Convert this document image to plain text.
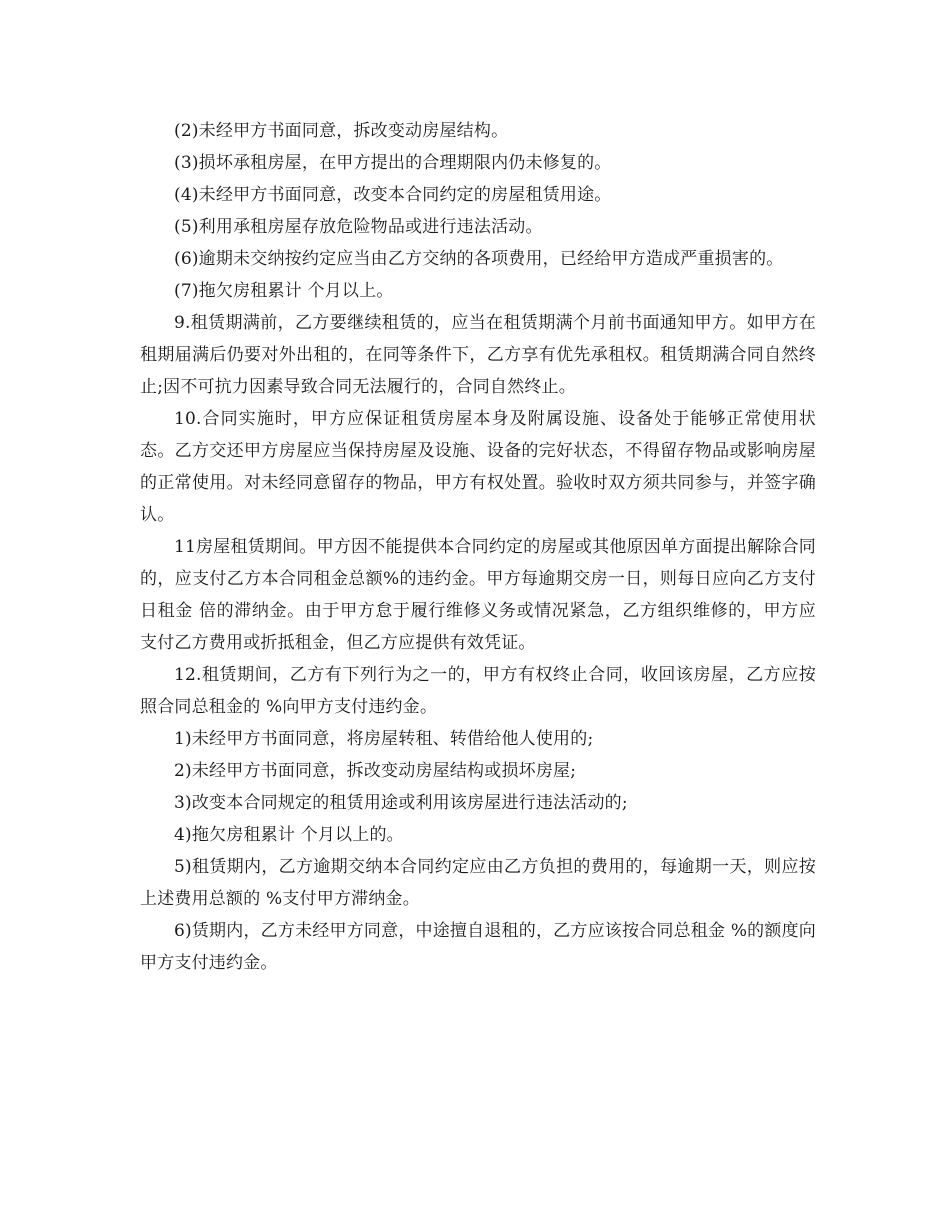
(2)未经甲方书面同意，拆改变动房屋结构。

(3)损坏承租房屋，在甲方提出的合理期限内仍未修复的。

(4)未经甲方书面同意，改变本合同约定的房屋租赁用途。

(5)利用承租房屋存放危险物品或进行违法活动。

(6)逾期未交纳按约定应当由乙方交纳的各项费用，已经给甲方造成严重损害的。

(7)拖欠房租累计 个月以上。

9.租赁期满前，乙方要继续租赁的，应当在租赁期满个月前书面通知甲方。如甲方在租期届满后仍要对外出租的，在同等条件下，乙方享有优先承租权。租赁期满合同自然终止;因不可抗力因素导致合同无法履行的，合同自然终止。

10.合同实施时，甲方应保证租赁房屋本身及附属设施、设备处于能够正常使用状态。乙方交还甲方房屋应当保持房屋及设施、设备的完好状态，不得留存物品或影响房屋的正常使用。对未经同意留存的物品，甲方有权处置。验收时双方须共同参与，并签字确认。

11房屋租赁期间。甲方因不能提供本合同约定的房屋或其他原因单方面提出解除合同的，应支付乙方本合同租金总额%的违约金。甲方每逾期交房一日，则每日应向乙方支付日租金 倍的滞纳金。由于甲方怠于履行维修义务或情况紧急，乙方组织维修的，甲方应支付乙方费用或折抵租金，但乙方应提供有效凭证。

12.租赁期间，乙方有下列行为之一的，甲方有权终止合同，收回该房屋，乙方应按照合同总租金的 %向甲方支付违约金。

1)未经甲方书面同意，将房屋转租、转借给他人使用的;

2)未经甲方书面同意，拆改变动房屋结构或损坏房屋;

3)改变本合同规定的租赁用途或利用该房屋进行违法活动的;

4)拖欠房租累计 个月以上的。

5)租赁期内，乙方逾期交纳本合同约定应由乙方负担的费用的，每逾期一天，则应按上述费用总额的 %支付甲方滞纳金。

6)赁期内，乙方未经甲方同意，中途擅自退租的，乙方应该按合同总租金 %的额度向甲方支付违约金。
